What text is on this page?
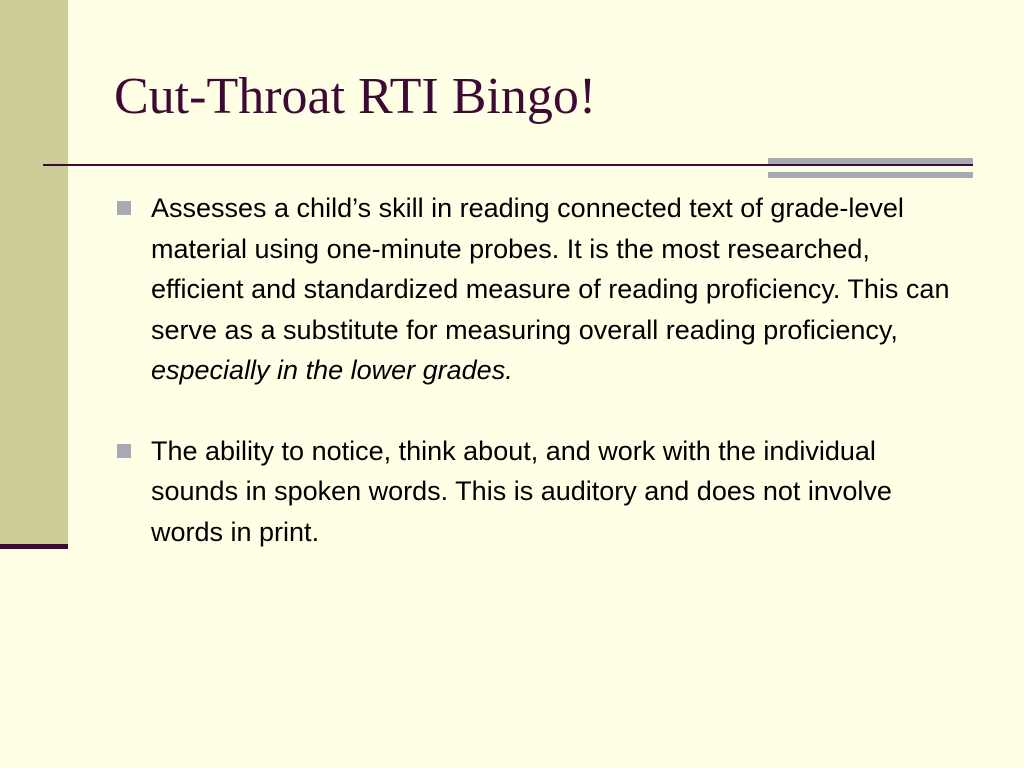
Cut-Throat RTI Bingo!
Assesses a child’s skill in reading connected text of grade-level material using one-minute probes. It is the most researched, efficient and standardized measure of reading proficiency. This can serve as a substitute for measuring overall reading proficiency, especially in the lower grades.
The ability to notice, think about, and work with the individual sounds in spoken words. This is auditory and does not involve words in print.
